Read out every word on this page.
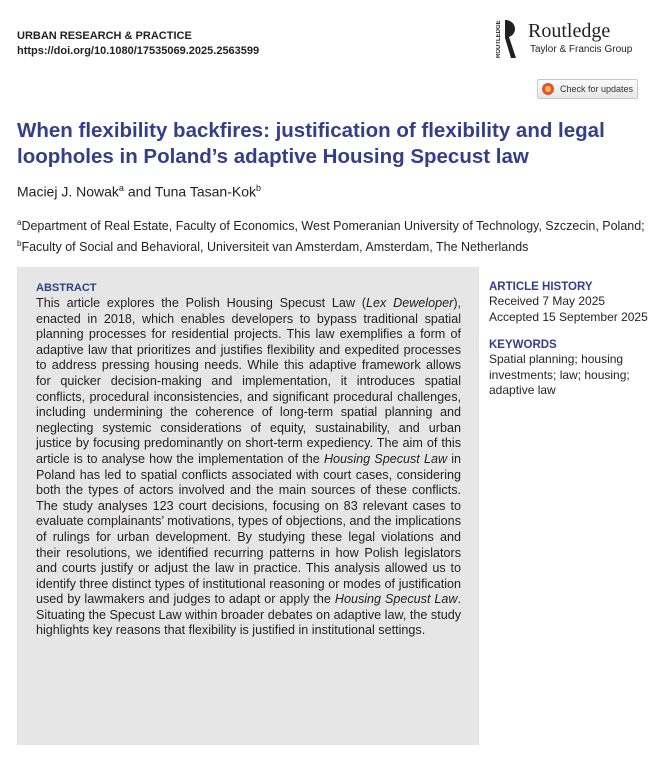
URBAN RESEARCH & PRACTICE
https://doi.org/10.1080/17535069.2025.2563599	ROUTLEDGE Routledge
Taylor & Francis Group
Check for updates
When flexibility backfires: justification of flexibility and legal loopholes in Poland’s adaptive Housing Specust law
Maciej J. Nowak$^a$ and Tuna Tasan-Kok$^b$
$^a$Department of Real Estate, Faculty of Economics, West Pomeranian University of Technology, Szczecin, Poland; $^b$Faculty of Social and Behavioral, Universiteit van Amsterdam, Amsterdam, The Netherlands
ABSTRACT
This article explores the Polish Housing Specust Law (Lex Deweloper), enacted in 2018, which enables developers to bypass traditional spatial planning processes for residential projects. This law exemplifies a form of adaptive law that prioritizes and justifies flexibility and expedited processes to address pressing housing needs. While this adaptive framework allows for quicker decision-making and implementation, it introduces spatial conflicts, procedural inconsistencies, and significant procedural challenges, including undermining the coherence of long-term spatial planning and neglecting systemic considerations of equity, sustainability, and urban justice by focusing predominantly on short-term expediency. The aim of this article is to analyse how the implementation of the Housing Specust Law in Poland has led to spatial conflicts associated with court cases, considering both the types of actors involved and the main sources of these conflicts. The study analyses 123 court decisions, focusing on 83 relevant cases to evaluate complainants’ motivations, types of objections, and the implications of rulings for urban development. By studying these legal violations and their resolutions, we identified recurring patterns in how Polish legislators and courts justify or adjust the law in practice. This analysis allowed us to identify three distinct types of institutional reasoning or modes of justification used by lawmakers and judges to adapt or apply the Housing Specust Law. Situating the Specust Law within broader debates on adaptive law, the study highlights key reasons that flexibility is justified in institutional settings.
ARTICLE HISTORY
Received 7 May 2025
Accepted 15 September 2025
KEYWORDS
Spatial planning; housing investments; law; housing; adaptive law
